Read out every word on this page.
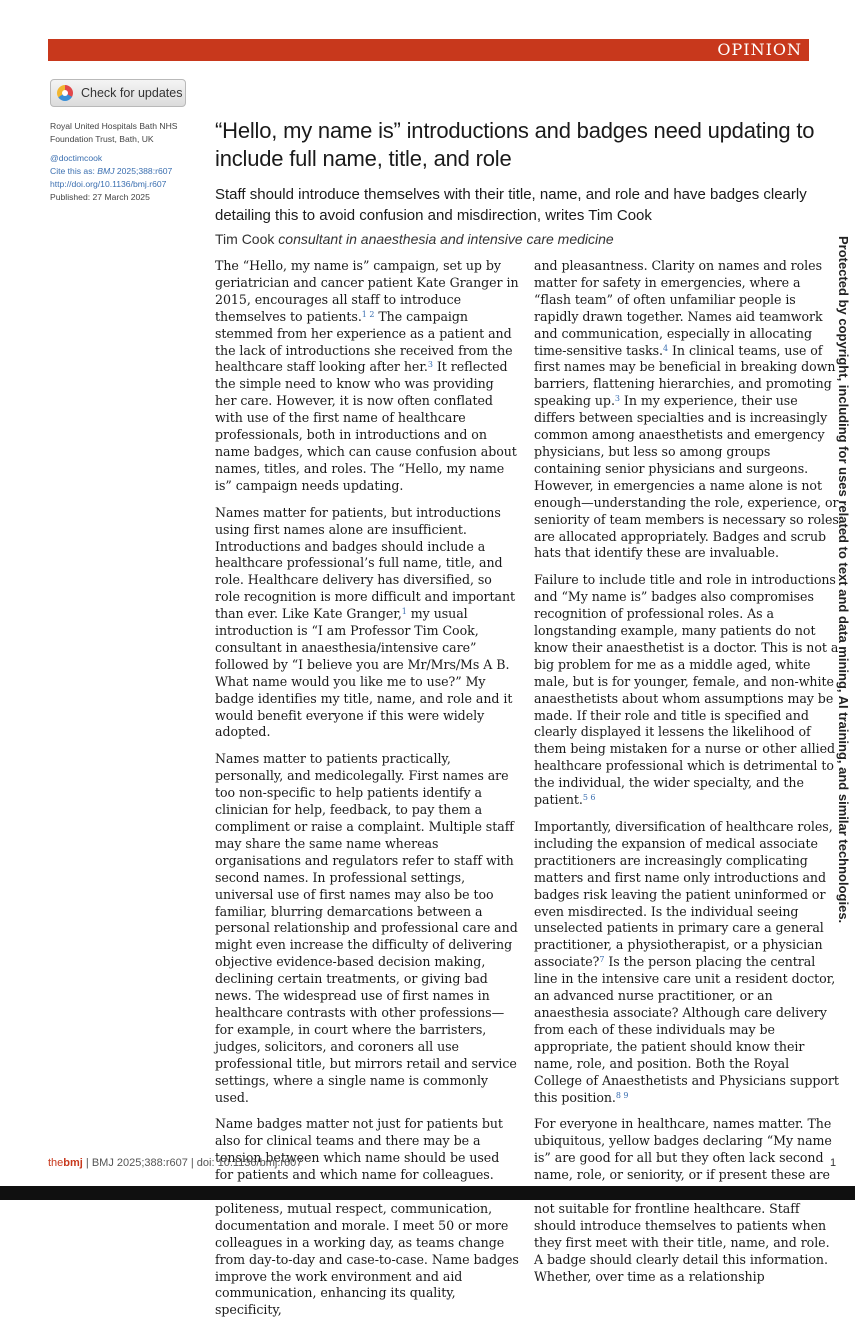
OPINION
Check for updates
Royal United Hospitals Bath NHS Foundation Trust, Bath, UK
@doctimcook
Cite this as: BMJ 2025;388:r607
http://doi.org/10.1136/bmj.r607
Published: 27 March 2025
“Hello, my name is” introductions and badges need updating to include full name, title, and role

Staff should introduce themselves with their title, name, and role and have badges clearly detailing this to avoid confusion and misdirection, writes Tim Cook

Tim Cook consultant in anaesthesia and intensive care medicine

The “Hello, my name is” campaign, set up by geriatrician and cancer patient Kate Granger in 2015, encourages all staff to introduce themselves to patients.$^{1 2}$ The campaign stemmed from her experience as a patient and the lack of introductions she received from the healthcare staff looking after her.$^3$ It reflected the simple need to know who was providing her care. However, it is now often conflated with use of the first name of healthcare professionals, both in introductions and on name badges, which can cause confusion about names, titles, and roles. The “Hello, my name is” campaign needs updating.

Names matter for patients, but introductions using first names alone are insufficient. Introductions and badges should include a healthcare professional’s full name, title, and role. Healthcare delivery has diversified, so role recognition is more difficult and important than ever. Like Kate Granger,$^1$ my usual introduction is “I am Professor Tim Cook, consultant in anaesthesia/intensive care” followed by “I believe you are Mr/Mrs/Ms A B. What name would you like me to use?” My badge identifies my title, name, and role and it would benefit everyone if this were widely adopted.

Names matter to patients practically, personally, and medicolegally. First names are too non-specific to help patients identify a clinician for help, feedback, to pay them a compliment or raise a complaint. Multiple staff may share the same name whereas organisations and regulators refer to staff with second names. In professional settings, universal use of first names may also be too familiar, blurring demarcations between a personal relationship and professional care and might even increase the difficulty of delivering objective evidence-based decision making, declining certain treatments, or giving bad news. The widespread use of first names in healthcare contrasts with other professions—for example, in court where the barristers, judges, solicitors, and coroners all use professional title, but mirrors retail and service settings, where a single name is commonly used.

Name badges matter not just for patients but also for clinical teams and there may be a tension between which name should be used for patients and which name for colleagues. politeness, mutual respect, communication, documentation and morale. I meet 50 or more colleagues in a working day, as teams change from day-to-day and case-to-case. Name badges improve the work environment and aid communication, enhancing its quality, specificity,

and pleasantness. Clarity on names and roles matter for safety in emergencies, where a “flash team” of often unfamiliar people is rapidly drawn together. Names aid teamwork and communication, especially in allocating time-sensitive tasks.$^4$ In clinical teams, use of first names may be beneficial in breaking down barriers, flattening hierarchies, and promoting speaking up.$^3$ In my experience, their use differs between specialties and is increasingly common among anaesthetists and emergency physicians, but less so among groups containing senior physicians and surgeons. However, in emergencies a name alone is not enough—understanding the role, experience, or seniority of team members is necessary so roles are allocated appropriately. Badges and scrub hats that identify these are invaluable.

Failure to include title and role in introductions and “My name is” badges also compromises recognition of professional roles. As a longstanding example, many patients do not know their anaesthetist is a doctor. This is not a big problem for me as a middle aged, white male, but is for younger, female, and non-white anaesthetists about whom assumptions may be made. If their role and title is specified and clearly displayed it lessens the likelihood of them being mistaken for a nurse or other allied healthcare professional which is detrimental to the individual, the wider specialty, and the patient.$^{5 6}$

Importantly, diversification of healthcare roles, including the expansion of medical associate practitioners are increasingly complicating matters and first name only introductions and badges risk leaving the patient uninformed or even misdirected. Is the individual seeing unselected patients in primary care a general practitioner, a physiotherapist, or a physician associate?$^7$ Is the person placing the central line in the intensive care unit a resident doctor, an advanced nurse practitioner, or an anaesthesia associate? Although care delivery from each of these individuals may be appropriate, the patient should know their name, role, and position. Both the Royal College of Anaesthetists and Physicians support this position.$^{8 9}$

For everyone in healthcare, names matter. The ubiquitous, yellow badges declaring “My name is” are good for all but they often lack second name, role, or seniority, or if present these are not suitable for frontline healthcare. Staff should introduce themselves to patients when they first meet with their title, name, and role. A badge should clearly detail this information. Whether, over time as a relationship

Protected by copyright, including for uses related to text and data mining, AI training, and similar technologies.
thebmj | BMJ 2025;388:r607 | doi: 10.1136/bmj.r607	1
